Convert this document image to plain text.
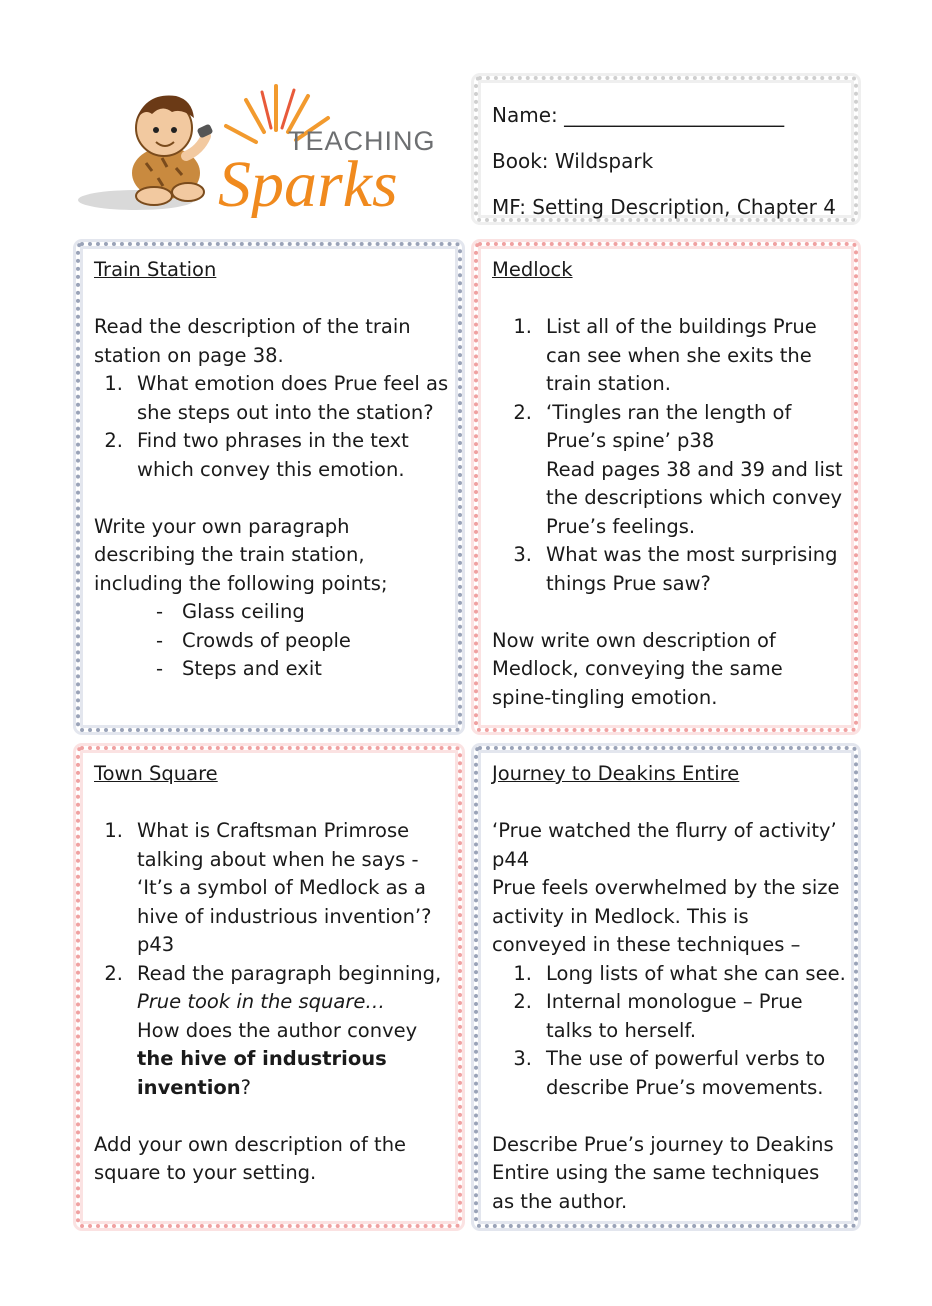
TEACHING
Sparks
Name: ______________________
Book: Wildspark
MF: Setting Description, Chapter 4
Train Station
Read the description of the train station on page 38.
1. What emotion does Prue feel as she steps out into the station?
2. Find two phrases in the text which convey this emotion.
Write your own paragraph describing the train station, including the following points;
- Glass ceiling
- Crowds of people
- Steps and exit
Medlock
1. List all of the buildings Prue can see when she exits the train station.
2. ‘Tingles ran the length of Prue’s spine’ p38
Read pages 38 and 39 and list the descriptions which convey Prue’s feelings.
3. What was the most surprising things Prue saw?
Now write own description of Medlock, conveying the same spine-tingling emotion.
Town Square
1. What is Craftsman Primrose talking about when he says - ‘It’s a symbol of Medlock as a hive of industrious invention’? p43
2. Read the paragraph beginning,
Prue took in the square…
How does the author convey
the hive of industrious invention?
Add your own description of the square to your setting.
Journey to Deakins Entire
‘Prue watched the flurry of activity’ p44
Prue feels overwhelmed by the size activity in Medlock. This is conveyed in these techniques –
1. Long lists of what she can see.
2. Internal monologue – Prue talks to herself.
3. The use of powerful verbs to describe Prue’s movements.
Describe Prue’s journey to Deakins Entire using the same techniques as the author.
